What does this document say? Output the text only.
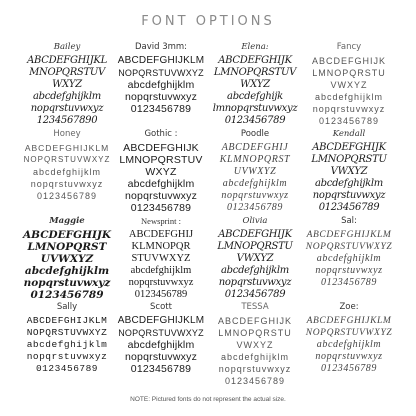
FONT OPTIONS
Bailey
ABCDEFGHIJKL
MNOPQRSTUV
WXYZ
abcdefghijklm
nopqrstuvwxyz
1234567890
David 3mm:
ABCDEFGHIJKLM
NOPQRSTUVWXYZ
abcdefghijklm
nopqrstuvwxyz
0123456789
Elena:
ABCDEFGHIJK
LMNOPQRSTUV
WXYZ
abcdefghijk
lmnopqrstuvwxyz
0123456789
Fancy
ABCDEFGHIJK
LMNOPQRSTU
VWXYZ
abcdefghijklm
nopqrstuvwxyz
0123456789
Honey
ABCDEFGHIJKLM
NOPQRSTUVWXYZ
abcdefghijklm
nopqrstuvwxyz
0123456789
Gothic :
ABCDEFGHIJK
LMNOPQRSTUV
WXYZ
abcdefghijklm
nopqrstuvwxyz
0123456789
Poodle
ABCDEFGHIJ
KLMNOPQRST
UVWXYZ
abcdefghijklm
nopqrstuvwxyz
0123456789
Kendall
ABCDEFGHIJK
LMNOPQRSTU
VWXYZ
abcdefghijklm
nopqrstuvwxyz
0123456789
Maggie
ABCDEFGHIJK
LMNOPQRST
UVWXYZ
abcdefghijklm
nopqrstuvwxyz
0123456789
Newsprint :
ABCDEFGHIJ
KLMNOPQR
STUVWXYZ
abcdefghijklm
nopqrstuvwxyz
0123456789
Olivia
ABCDEFGHIJK
LMNOPQRSTU
VWXYZ
abcdefghijklm
nopqrstuvwxyz
0123456789
Sal:
ABCDEFGHIJKLM
NOPQRSTUVWXYZ
abcdefghijklm
nopqrstuvwxyz
0123456789
Sally
ABCDEFGHIJKLM
NOPQRSTUVWXYZ
abcdefghijklm
nopqrstuvwxyz
0123456789
Scott
ABCDEFGHIJKLM
NOPQRSTUVWXYZ
abcdefghijklm
nopqrstuvwxyz
0123456789
TESSA
ABCDEFGHIJK
LMNOPQRSTU
VWXYZ
abcdefghijklm
nopqrstuvwxyz
0123456789
Zoe:
ABCDEFGHIJKLM
NOPQRSTUVWXYZ
abcdefghijklm
nopqrstuvwxyz
0123456789
NOTE: Pictured fonts do not represent the actual size.
